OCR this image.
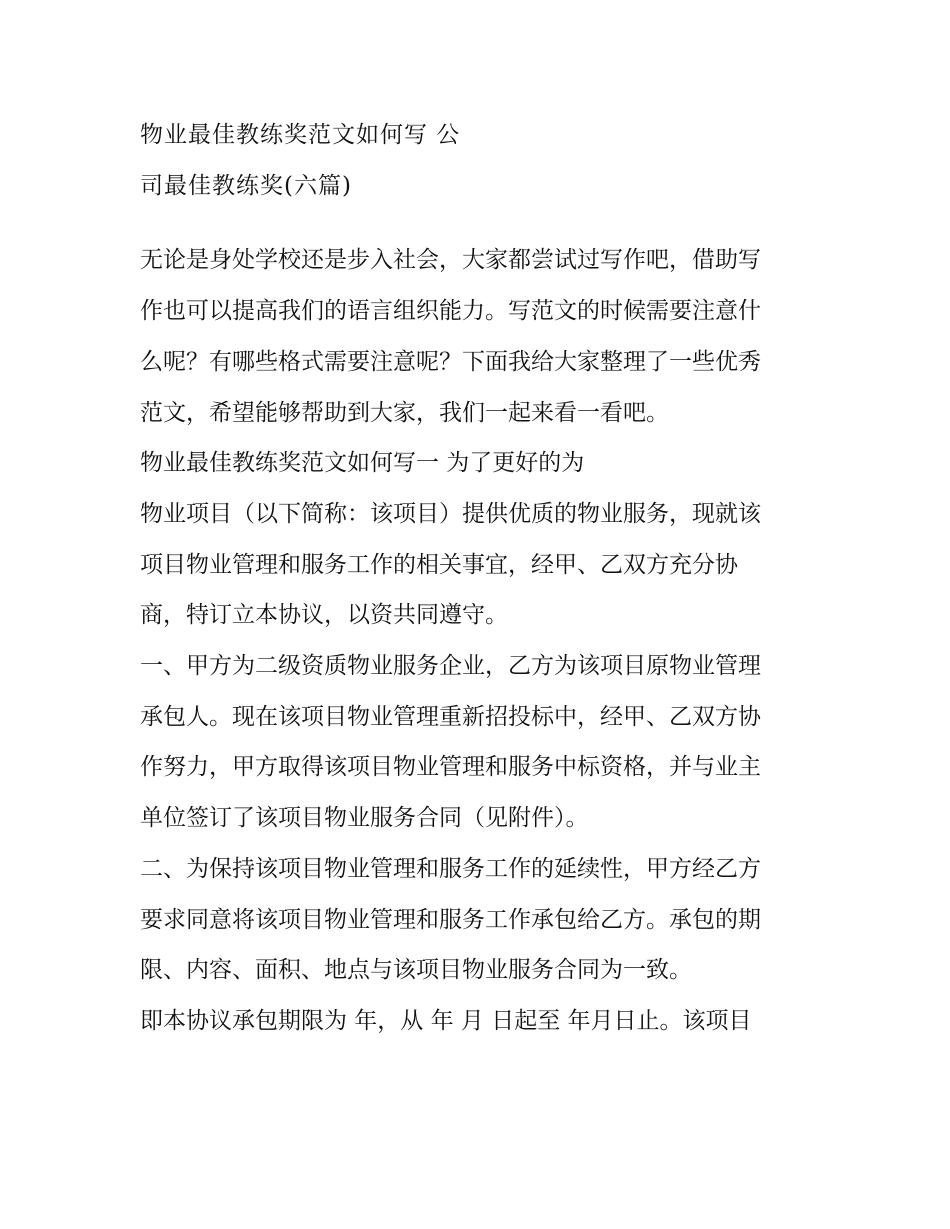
物业最佳教练奖范文如何写 公
司最佳教练奖(六篇)

无论是身处学校还是步入社会，大家都尝试过写作吧，借助写
作也可以提高我们的语言组织能力。写范文的时候需要注意什
么呢？有哪些格式需要注意呢？下面我给大家整理了一些优秀
范文，希望能够帮助到大家，我们一起来看一看吧。

物业最佳教练奖范文如何写一 为了更好的为

物业项目（以下简称：该项目）提供优质的物业服务，现就该
项目物业管理和服务工作的相关事宜，经甲、乙双方充分协
商，特订立本协议，以资共同遵守。

一、甲方为二级资质物业服务企业，乙方为该项目原物业管理
承包人。现在该项目物业管理重新招投标中，经甲、乙双方协
作努力，甲方取得该项目物业管理和服务中标资格，并与业主
单位签订了该项目物业服务合同（见附件）。

二、为保持该项目物业管理和服务工作的延续性，甲方经乙方
要求同意将该项目物业管理和服务工作承包给乙方。承包的期
限、内容、面积、地点与该项目物业服务合同为一致。

即本协议承包期限为 年，从 年 月 日起至 年月日止。该项目
